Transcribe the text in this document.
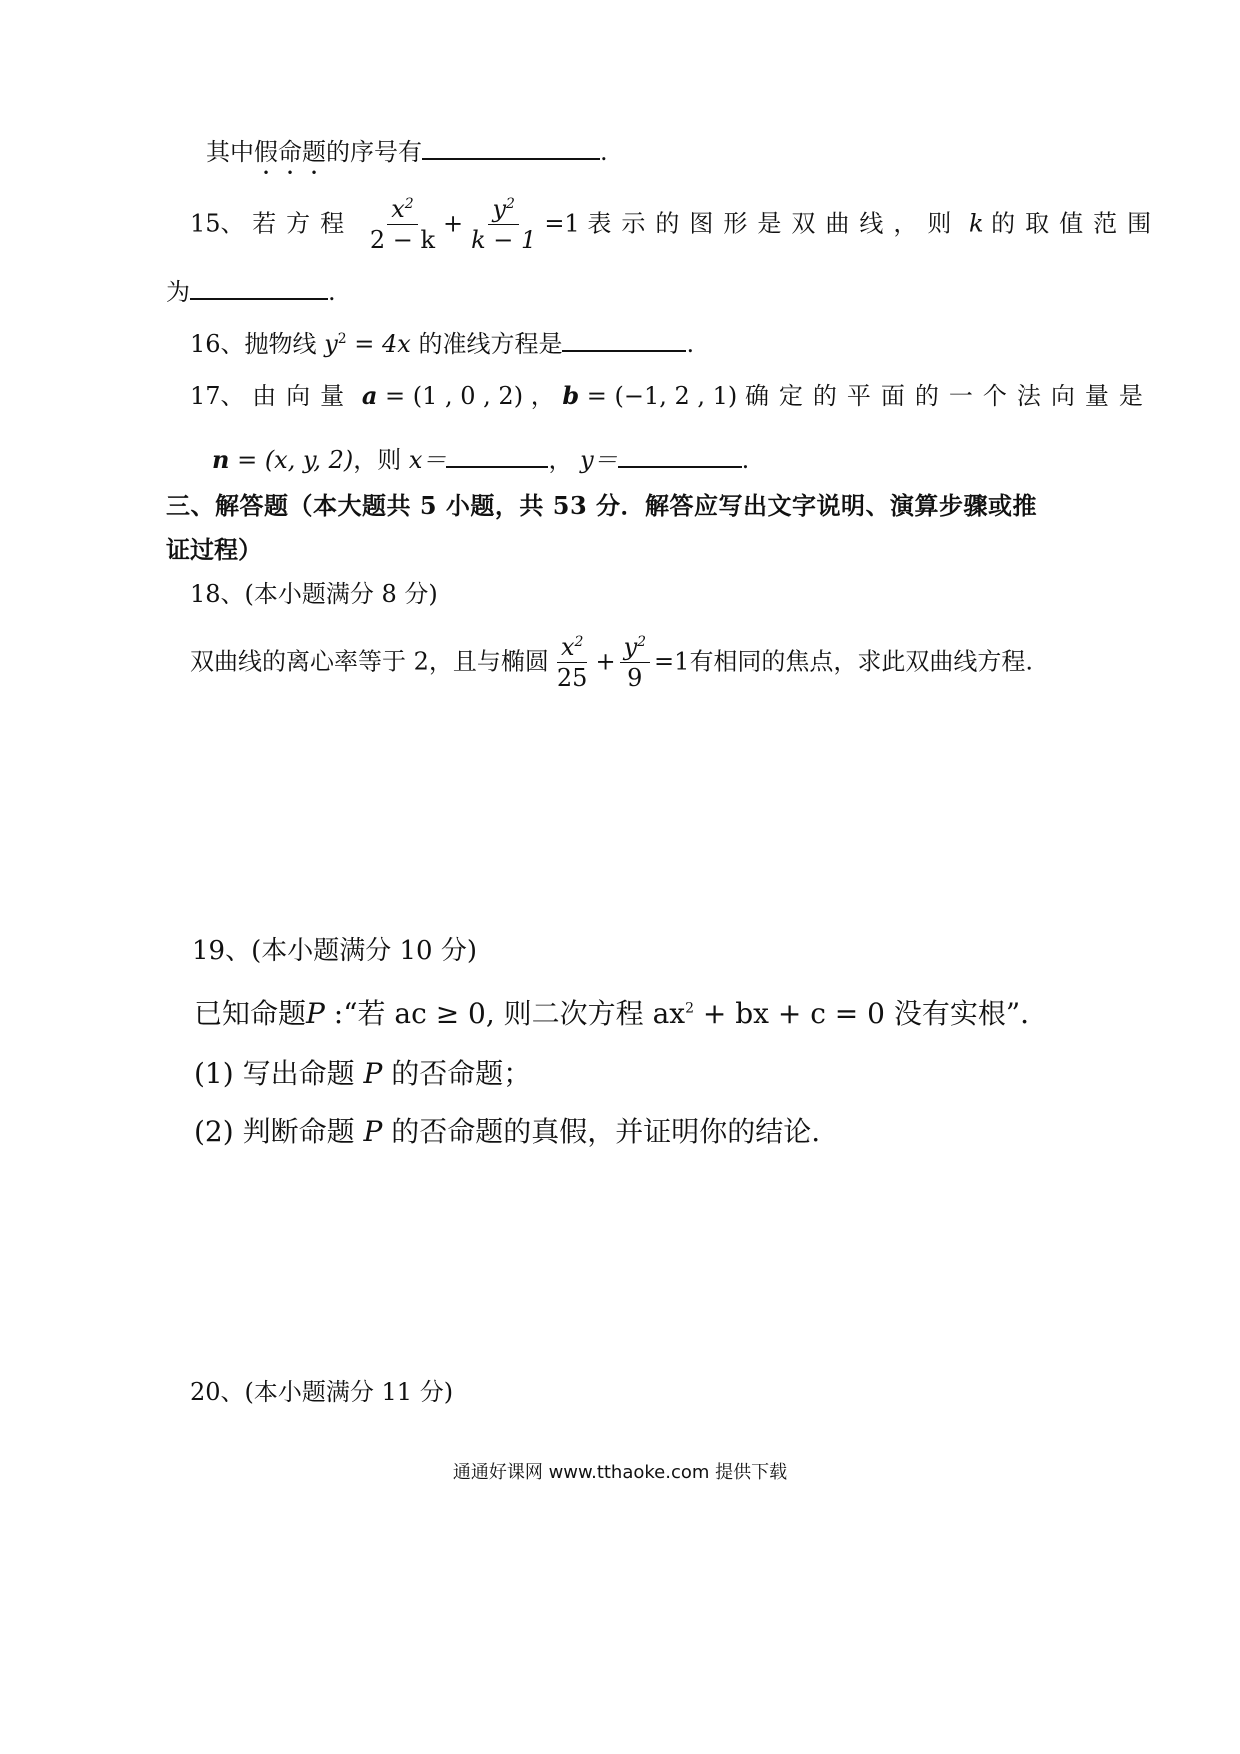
其中假命题的序号有	.
15、 若方程 $\frac{x^2}{2 - k} + \frac{y^2}{k - 1} =1$ 表示的图形是双曲线，则 k 的取值范围
为	.
16、抛物线 $y^2 = 4x$ 的准线方程是	.
17、 由向量 a = (1 , 0 , 2) ， b = (−1, 2 , 1) 确定的平面的一个法向量是
n = (x, y, 2)，则 x＝	， y＝	.
三、解答题（本大题共 5 小题，共 53 分．解答应写出文字说明、演算步骤或推
证过程）
18、(本小题满分 8 分)
双曲线的离心率等于 2，且与椭圆 $\frac{x^2}{25} + \frac{y^2}{9} =1$有相同的焦点，求此双曲线方程.
19、(本小题满分 10 分)
已知命题P :“若 ac ≥ 0, 则二次方程 $ax^2$ + bx + c = 0 没有实根”．
(1) 写出命题 P 的否命题；
(2) 判断命题 P 的否命题的真假，并证明你的结论.
20、(本小题满分 11 分)
通通好课网 www.tthaoke.com 提供下载
